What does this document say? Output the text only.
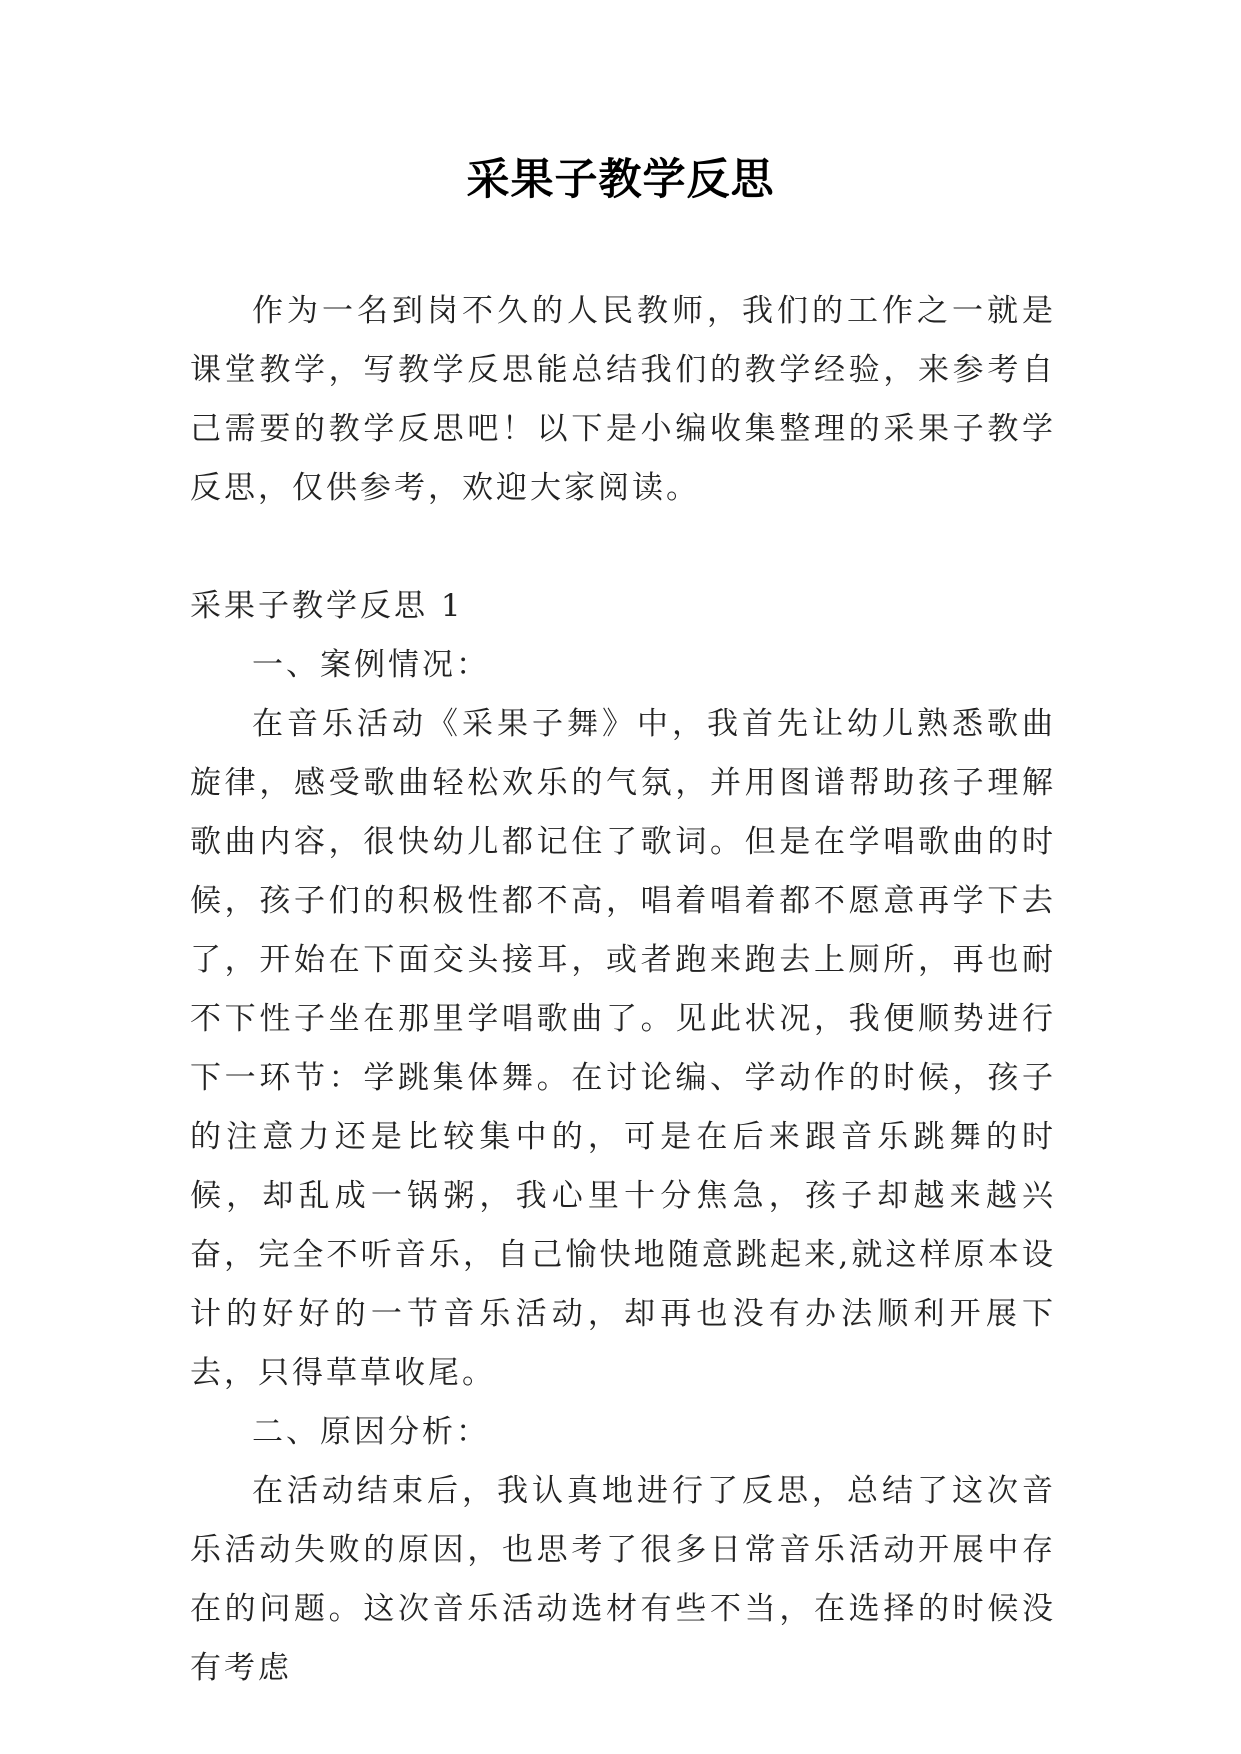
采果子教学反思

作为一名到岗不久的人民教师，我们的工作之一就是课堂教学，写教学反思能总结我们的教学经验，来参考自己需要的教学反思吧！以下是小编收集整理的采果子教学反思，仅供参考，欢迎大家阅读。

采果子教学反思 1

一、案例情况：

在音乐活动《采果子舞》中，我首先让幼儿熟悉歌曲旋律，感受歌曲轻松欢乐的气氛，并用图谱帮助孩子理解歌曲内容，很快幼儿都记住了歌词。但是在学唱歌曲的时候，孩子们的积极性都不高，唱着唱着都不愿意再学下去了，开始在下面交头接耳，或者跑来跑去上厕所，再也耐不下性子坐在那里学唱歌曲了。见此状况，我便顺势进行下一环节：学跳集体舞。在讨论编、学动作的时候，孩子的注意力还是比较集中的，可是在后来跟音乐跳舞的时候，却乱成一锅粥，我心里十分焦急，孩子却越来越兴奋，完全不听音乐，自己愉快地随意跳起来,就这样原本设计的好好的一节音乐活动，却再也没有办法顺利开展下去，只得草草收尾。

二、原因分析：

在活动结束后，我认真地进行了反思，总结了这次音乐活动失败的原因，也思考了很多日常音乐活动开展中存在的问题。这次音乐活动选材有些不当，在选择的时候没有考虑
